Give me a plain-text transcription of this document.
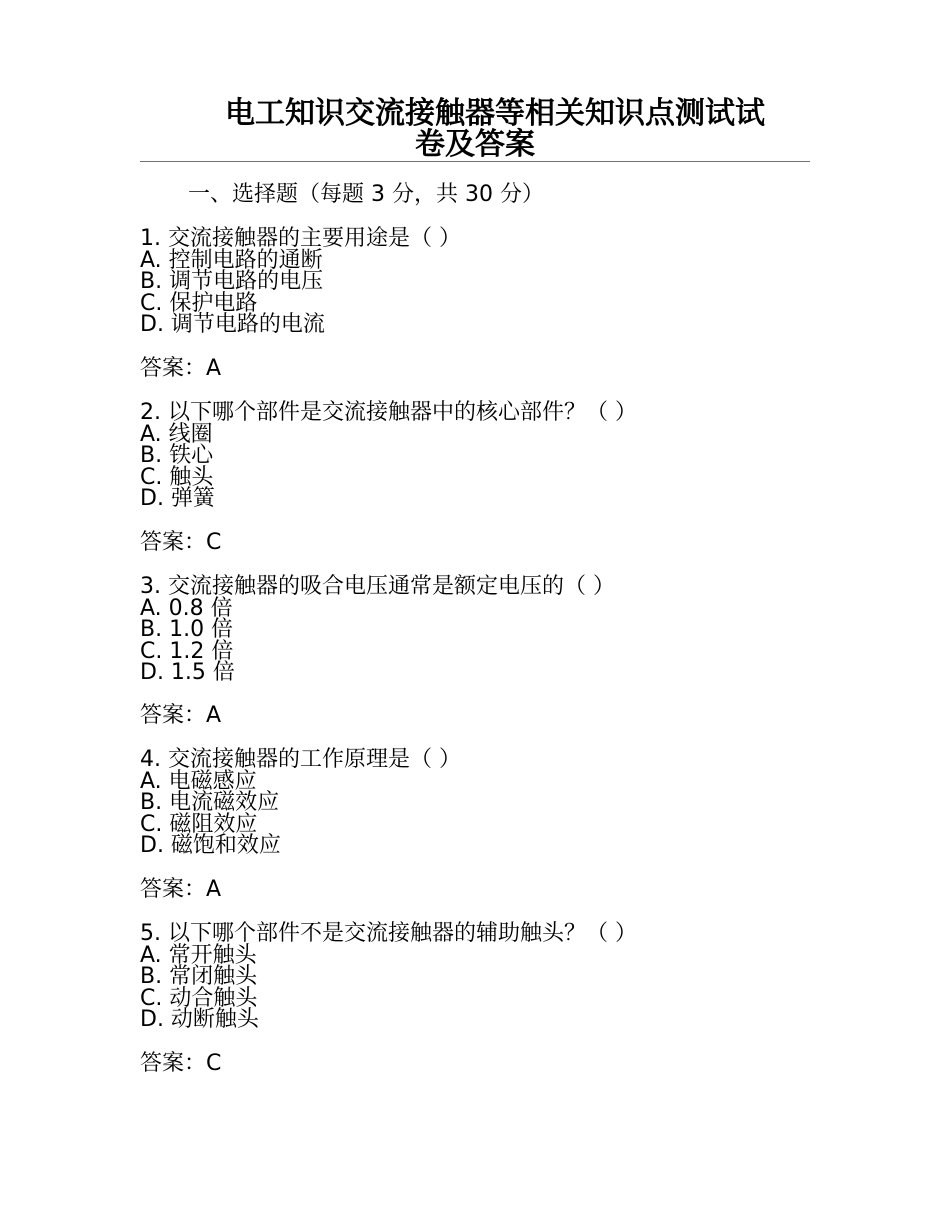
电工知识交流接触器等相关知识点测试试
卷及答案
一、选择题（每题 3 分，共 30 分）

1. 交流接触器的主要用途是（ ）

A. 控制电路的通断

B. 调节电路的电压

C. 保护电路

D. 调节电路的电流

答案：A

2. 以下哪个部件是交流接触器中的核心部件？（ ）

A. 线圈

B. 铁心

C. 触头

D. 弹簧

答案：C

3. 交流接触器的吸合电压通常是额定电压的（ ）

A. 0.8 倍

B. 1.0 倍

C. 1.2 倍

D. 1.5 倍

答案：A

4. 交流接触器的工作原理是（ ）

A. 电磁感应

B. 电流磁效应

C. 磁阻效应

D. 磁饱和效应

答案：A

5. 以下哪个部件不是交流接触器的辅助触头？（ ）

A. 常开触头

B. 常闭触头

C. 动合触头

D. 动断触头

答案：C
